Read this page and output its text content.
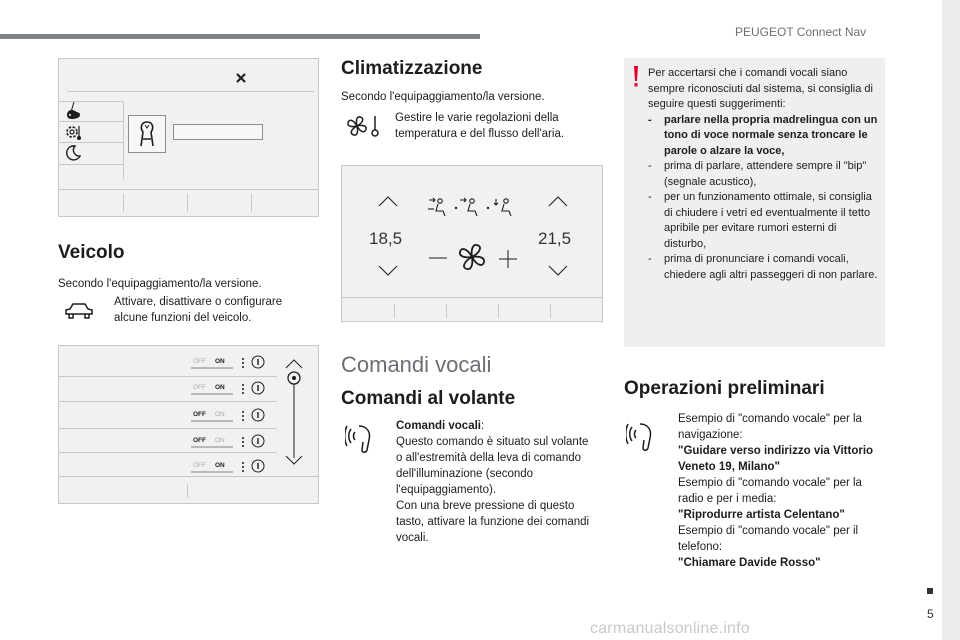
PEUGEOT Connect Nav
5
carmanualsonline.info
Veicolo
Secondo l'equipaggiamento/la versione.
Attivare, disattivare o configurare alcune funzioni del veicolo.
OFF ON
OFF ON
OFF ON
OFF ON
OFF ON
Climatizzazione
Secondo l'equipaggiamento/la versione.
Gestire le varie regolazioni della temperatura e del flusso dell'aria.
18,5	21,5
Comandi vocali
Comandi al volante
Comandi vocali:
Questo comando è situato sul volante o all'estremità della leva di comando dell'illuminazione (secondo l'equipaggiamento).
Con una breve pressione di questo tasto, attivare la funzione dei comandi vocali.
Per accertarsi che i comandi vocali siano sempre riconosciuti dal sistema, si consiglia di seguire questi suggerimenti:
- parlare nella propria madrelingua con un tono di voce normale senza troncare le parole o alzare la voce,
- prima di parlare, attendere sempre il "bip" (segnale acustico),
- per un funzionamento ottimale, si consiglia di chiudere i vetri ed eventualmente il tetto apribile per evitare rumori esterni di disturbo,
- prima di pronunciare i comandi vocali, chiedere agli altri passeggeri di non parlare.
Operazioni preliminari
Esempio di "comando vocale" per la navigazione:
"Guidare verso indirizzo via Vittorio Veneto 19, Milano"
Esempio di "comando vocale" per la radio e per i media:
"Riprodurre artista Celentano"
Esempio di "comando vocale" per il telefono:
"Chiamare Davide Rosso"
